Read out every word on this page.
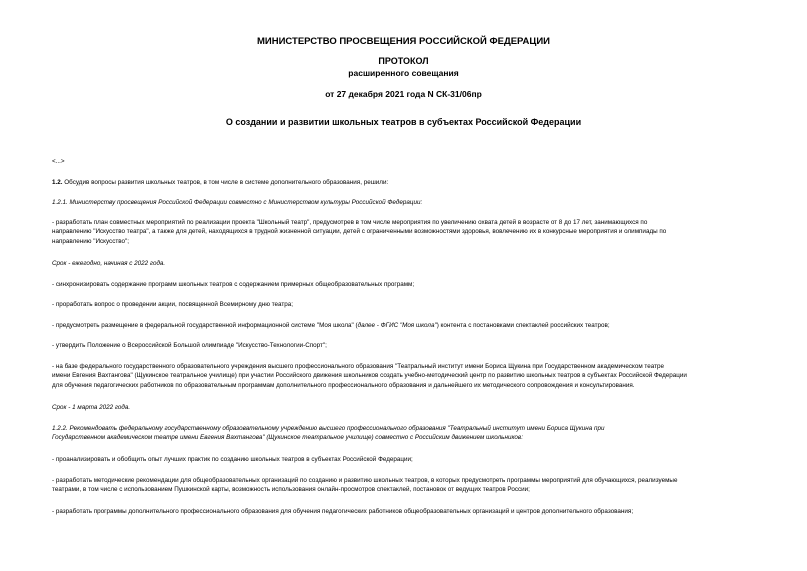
МИНИСТЕРСТВО ПРОСВЕЩЕНИЯ РОССИЙСКОЙ ФЕДЕРАЦИИ
ПРОТОКОЛ
расширенного совещания
от 27 декабря 2021 года N СК-31/06пр
О создании и развитии школьных театров в субъектах Российской Федерации
<...>
1.2. Обсудив вопросы развития школьных театров, в том числе в системе дополнительного образования, решили:
1.2.1. Министерству просвещения Российской Федерации совместно с Министерством культуры Российской Федерации:
- разработать план совместных мероприятий по реализации проекта "Школьный театр", предусмотрев в том числе мероприятия по увеличению охвата детей в возрасте от 8 до 17 лет, занимающихся по
направлению "Искусство театра", а также для детей, находящихся в трудной жизненной ситуации, детей с ограниченными возможностями здоровья, вовлечению их в конкурсные мероприятия и олимпиады по
направлению "Искусство";
Срок - ежегодно, начиная с 2022 года.
- синхронизировать содержание программ школьных театров с содержанием примерных общеобразовательных программ;
- проработать вопрос о проведении акции, посвященной Всемирному дню театра;
- предусмотреть размещение в федеральной государственной информационной системе "Моя школа" (далее - ФГИС "Моя школа") контента с постановками спектаклей российских театров;
- утвердить Положение о Всероссийской Большой олимпиаде "Искусство-Технологии-Спорт";
- на базе федерального государственного образовательного учреждения высшего профессионального образования "Театральный институт имени Бориса Щукина при Государственном академическом театре
имени Евгения Вахтангова" (Щукинское театральное училище) при участии Российского движения школьников создать учебно-методический центр по развитию школьных театров в субъектах Российской Федерации
для обучения педагогических работников по образовательным программам дополнительного профессионального образования и дальнейшего их методического сопровождения и консультирования.
Срок - 1 марта 2022 года.
1.2.2. Рекомендовать федеральному государственному образовательному учреждению высшего профессионального образования "Театральный институт имени Бориса Щукина при
Государственном академическом театре имени Евгения Вахтангова" (Щукинское театральное училище) совместно с Российским движением школьников:
- проанализировать и обобщить опыт лучших практик по созданию школьных театров в субъектах Российской Федерации;
- разработать методические рекомендации для общеобразовательных организаций по созданию и развитию школьных театров, в которых предусмотреть программы мероприятий для обучающихся, реализуемые
театрами, в том числе с использованием Пушкинской карты, возможность использования онлайн-просмотров спектаклей, постановок от ведущих театров России;
- разработать программы дополнительного профессионального образования для обучения педагогических работников общеобразовательных организаций и центров дополнительного образования;
